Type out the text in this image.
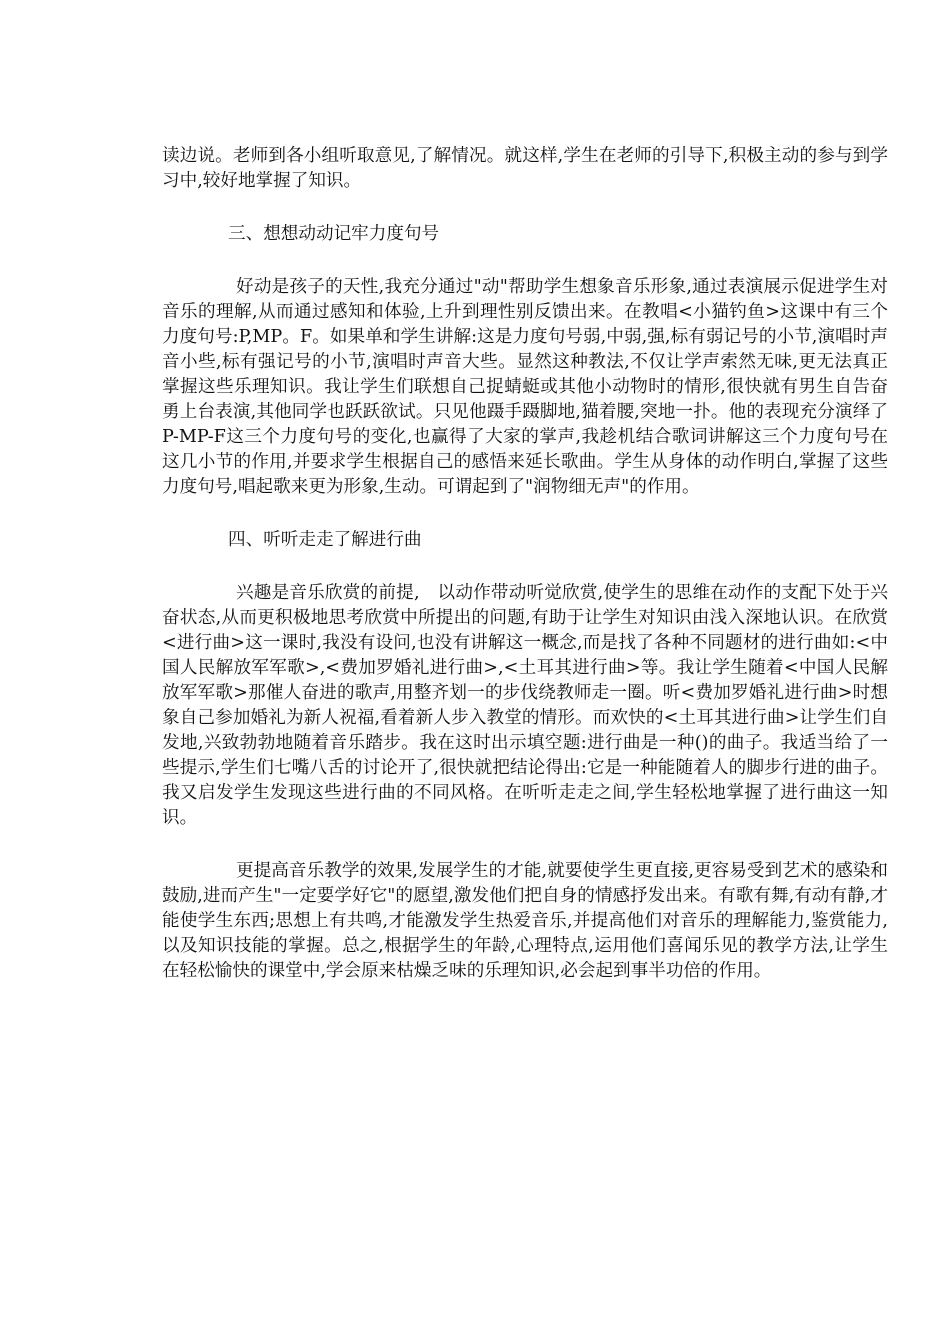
读边说。老师到各小组听取意见,了解情况。就这样,学生在老师的引导下,积极主动的参与到学习中,较好地掌握了知识。

三、想想动动记牢力度句号

好动是孩子的天性,我充分通过"动"帮助学生想象音乐形象,通过表演展示促进学生对音乐的理解,从而通过感知和体验,上升到理性别反馈出来。在教唱<小猫钓鱼>这课中有三个力度句号:P,MP。F。如果单和学生讲解:这是力度句号弱,中弱,强,标有弱记号的小节,演唱时声音小些,标有强记号的小节,演唱时声音大些。显然这种教法,不仅让学声索然无味,更无法真正掌握这些乐理知识。我让学生们联想自己捉蜻蜓或其他小动物时的情形,很快就有男生自告奋勇上台表演,其他同学也跃跃欲试。只见他蹑手蹑脚地,猫着腰,突地一扑。他的表现充分演绎了P-MP-F这三个力度句号的变化,也赢得了大家的掌声,我趁机结合歌词讲解这三个力度句号在这几小节的作用,并要求学生根据自己的感悟来延长歌曲。学生从身体的动作明白,掌握了这些力度句号,唱起歌来更为形象,生动。可谓起到了"润物细无声"的作用。

四、听听走走了解进行曲

兴趣是音乐欣赏的前提,　以动作带动听觉欣赏,使学生的思维在动作的支配下处于兴奋状态,从而更积极地思考欣赏中所提出的问题,有助于让学生对知识由浅入深地认识。在欣赏<进行曲>这一课时,我没有设问,也没有讲解这一概念,而是找了各种不同题材的进行曲如:<中国人民解放军军歌>,<费加罗婚礼进行曲>,<土耳其进行曲>等。我让学生随着<中国人民解放军军歌>那催人奋进的歌声,用整齐划一的步伐绕教师走一圈。听<费加罗婚礼进行曲>时想象自己参加婚礼为新人祝福,看着新人步入教堂的情形。而欢快的<土耳其进行曲>让学生们自发地,兴致勃勃地随着音乐踏步。我在这时出示填空题:进行曲是一种()的曲子。我适当给了一些提示,学生们七嘴八舌的讨论开了,很快就把结论得出:它是一种能随着人的脚步行进的曲子。我又启发学生发现这些进行曲的不同风格。在听听走走之间,学生轻松地掌握了进行曲这一知识。

更提高音乐教学的效果,发展学生的才能,就要使学生更直接,更容易受到艺术的感染和鼓励,进而产生"一定要学好它"的愿望,激发他们把自身的情感抒发出来。有歌有舞,有动有静,才能使学生东西;思想上有共鸣,才能激发学生热爱音乐,并提高他们对音乐的理解能力,鉴赏能力,以及知识技能的掌握。总之,根据学生的年龄,心理特点,运用他们喜闻乐见的教学方法,让学生在轻松愉快的课堂中,学会原来枯燥乏味的乐理知识,必会起到事半功倍的作用。
